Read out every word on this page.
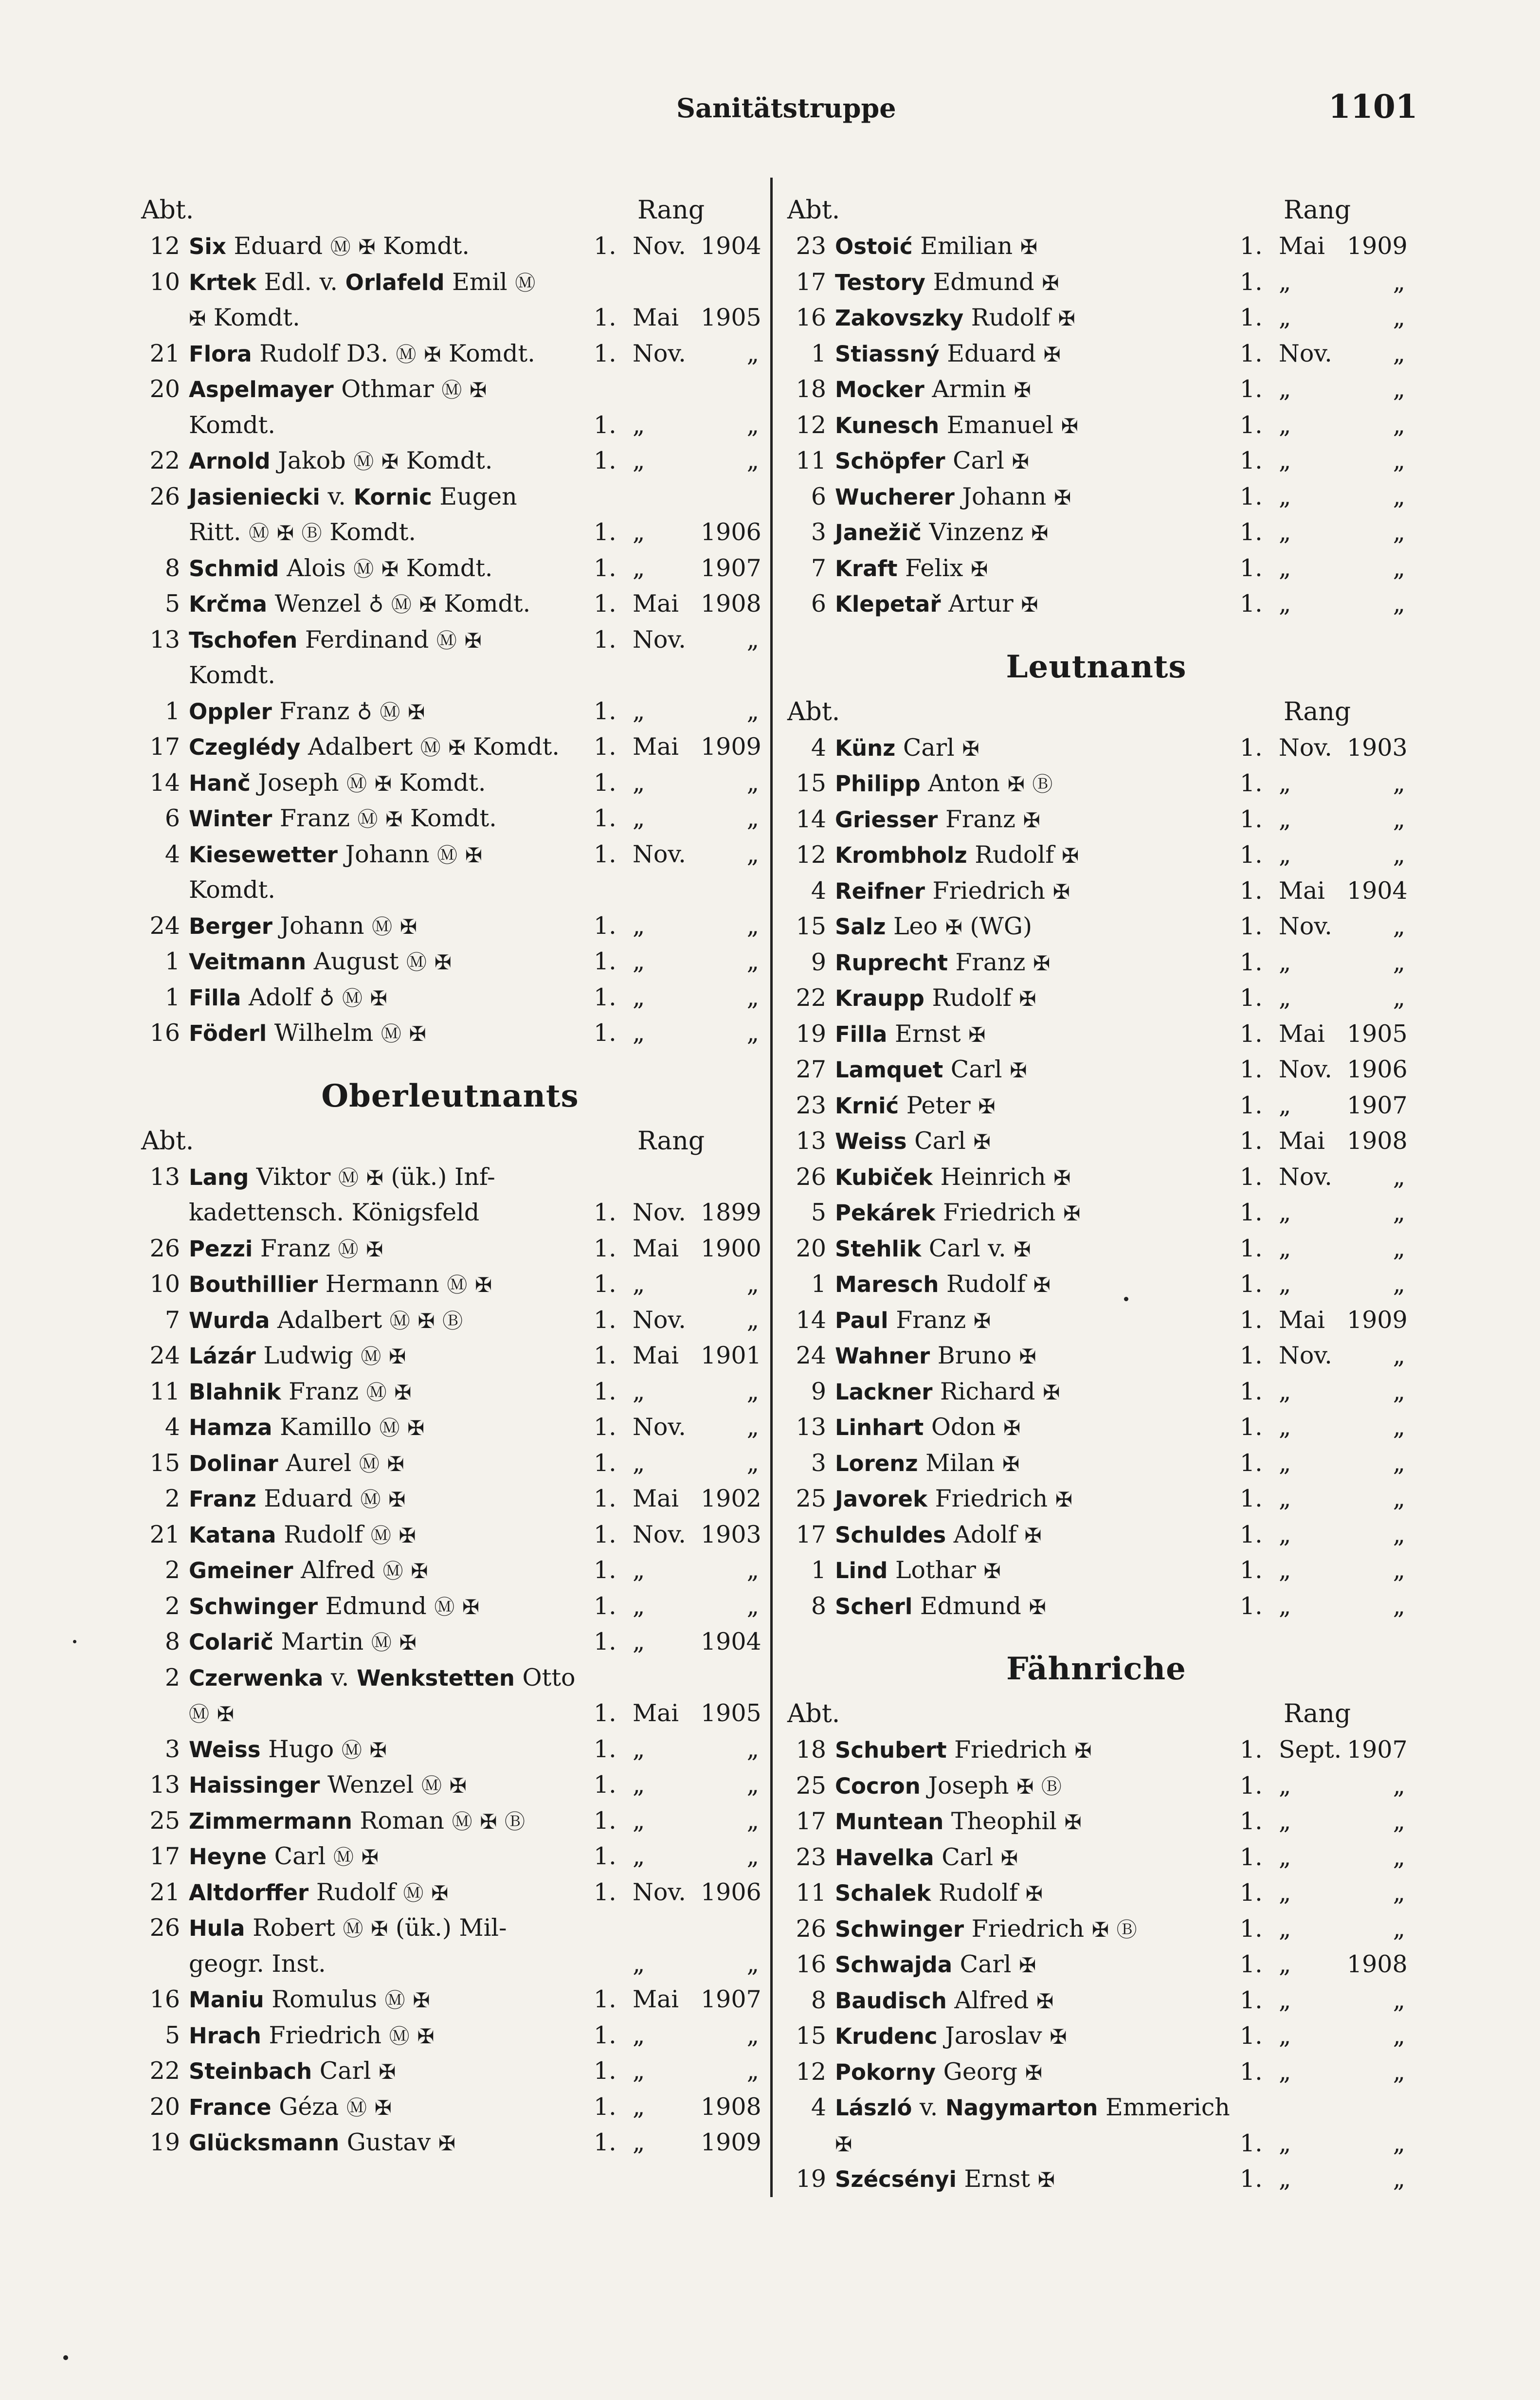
Sanitätstruppe	1101
Abt.	Rang
12 Six Eduard Ⓜ ✠ Komdt.	1. Nov. 1904
10 Krtek Edl. v. Orlafeld Emil Ⓜ
✠ Komdt.	1. Mai 1905
21 Flora Rudolf D3. Ⓜ ✠ Komdt. 1. Nov.	„
20 Aspelmayer Othmar Ⓜ ✠
Komdt.	1. „	„
22 Arnold Jakob Ⓜ ✠ Komdt.	1. „	„
26 Jasieniecki v. Kornic Eugen
Ritt. Ⓜ ✠ Ⓑ Komdt.	1. „ 1906
8 Schmid Alois Ⓜ ✠ Komdt.	1. „ 1907
5 Krčma Wenzel ♁ Ⓜ ✠ Komdt.	1. Mai 1908
13 Tschofen Ferdinand Ⓜ ✠	1. Nov.	„
Komdt.
1 Oppler Franz ♁ Ⓜ ✠	1. „	„
17 Czeglédy Adalbert Ⓜ ✠ Komdt. 1. Mai 1909
14 Hanč Joseph Ⓜ ✠ Komdt.	1. „	„
6 Winter Franz Ⓜ ✠ Komdt.	1. „	„
4 Kiesewetter Johann Ⓜ ✠	1. Nov.	„
Komdt.
24 Berger Johann Ⓜ ✠	1. „	„
1 Veitmann August Ⓜ ✠	1. „	„
1 Filla Adolf ♁ Ⓜ ✠	1. „	„
16 Föderl Wilhelm Ⓜ ✠	1. „	„
Oberleutnants
Abt.	Rang
13 Lang Viktor Ⓜ ✠ (ük.) Inf-
kadettensch. Königsfeld	1. Nov. 1899
26 Pezzi Franz Ⓜ ✠	1. Mai 1900
10 Bouthillier Hermann Ⓜ ✠	1. „	„
7 Wurda Adalbert Ⓜ ✠ Ⓑ	1. Nov.	„
24 Lázár Ludwig Ⓜ ✠	1. Mai 1901
11 Blahnik Franz Ⓜ ✠	1. „	„
4 Hamza Kamillo Ⓜ ✠	1. Nov.	„
15 Dolinar Aurel Ⓜ ✠	1. „	„
2 Franz Eduard Ⓜ ✠	1. Mai 1902
21 Katana Rudolf Ⓜ ✠	1. Nov. 1903
2 Gmeiner Alfred Ⓜ ✠	1. „	„
2 Schwinger Edmund Ⓜ ✠	1. „	„
8 Colarič Martin Ⓜ ✠	1. „ 1904
2 Czerwenka v. Wenkstetten Otto
Ⓜ ✠	1. Mai 1905
3 Weiss Hugo Ⓜ ✠	1. „	„
13 Haissinger Wenzel Ⓜ ✠	1. „	„
25 Zimmermann Roman Ⓜ ✠ Ⓑ	1. „	„
17 Heyne Carl Ⓜ ✠	1. „	„
21 Altdorffer Rudolf Ⓜ ✠	1. Nov. 1906
26 Hula Robert Ⓜ ✠ (ük.) Mil-
geogr. Inst.	„	„
16 Maniu Romulus Ⓜ ✠	1. Mai 1907
5 Hrach Friedrich Ⓜ ✠	1. „	„
22 Steinbach Carl ✠	1. „	„
20 France Géza Ⓜ ✠	1. „ 1908
19 Glücksmann Gustav ✠	1. „ 1909
Abt.	Rang
23 Ostoić Emilian ✠	1. Mai 1909
17 Testory Edmund ✠	1. „	„
16 Zakovszky Rudolf ✠	1. „	„
1 Stiassný Eduard ✠	1. Nov.	„
18 Mocker Armin ✠	1. „	„
12 Kunesch Emanuel ✠	1. „	„
11 Schöpfer Carl ✠	1. „	„
6 Wucherer Johann ✠	1. „	„
3 Janežič Vinzenz ✠	1. „	„
7 Kraft Felix ✠	1. „	„
6 Klepetař Artur ✠	1. „	„
Leutnants
Abt.	Rang
4 Künz Carl ✠	1. Nov. 1903
15 Philipp Anton ✠ Ⓑ	1. „	„
14 Griesser Franz ✠	1. „	„
12 Krombholz Rudolf ✠	1. „	„
4 Reifner Friedrich ✠	1. Mai 1904
15 Salz Leo ✠ (WG)	1. Nov.	„
9 Ruprecht Franz ✠	1. „	„
22 Kraupp Rudolf ✠	1. „	„
19 Filla Ernst ✠	1. Mai 1905
27 Lamquet Carl ✠	1. Nov. 1906
23 Krnić Peter ✠	1. „ 1907
13 Weiss Carl ✠	1. Mai 1908
26 Kubiček Heinrich ✠	1. Nov.	„
5 Pekárek Friedrich ✠	1. „	„
20 Stehlik Carl v. ✠	1. „	„
1 Maresch Rudolf ✠	1. „	„
14 Paul Franz ✠	1. Mai 1909
24 Wahner Bruno ✠	1. Nov.	„
9 Lackner Richard ✠	1. „	„
13 Linhart Odon ✠	1. „	„
3 Lorenz Milan ✠	1. „	„
25 Javorek Friedrich ✠	1. „	„
17 Schuldes Adolf ✠	1. „	„
1 Lind Lothar ✠	1. „	„
8 Scherl Edmund ✠	1. „	„
Fähnriche
Abt.	Rang
18 Schubert Friedrich ✠	1. Sept. 1907
25 Cocron Joseph ✠ Ⓑ	1. „	„
17 Muntean Theophil ✠	1. „	„
23 Havelka Carl ✠	1. „	„
11 Schalek Rudolf ✠	1. „	„
26 Schwinger Friedrich ✠ Ⓑ	1. „	„
16 Schwajda Carl ✠	1. „ 1908
8 Baudisch Alfred ✠	1. „	„
15 Krudenc Jaroslav ✠	1. „	„
12 Pokorny Georg ✠	1. „	„
4 László v. Nagymarton Emmerich
✠	1. „	„
19 Szécsényi Ernst ✠	1. „	„
